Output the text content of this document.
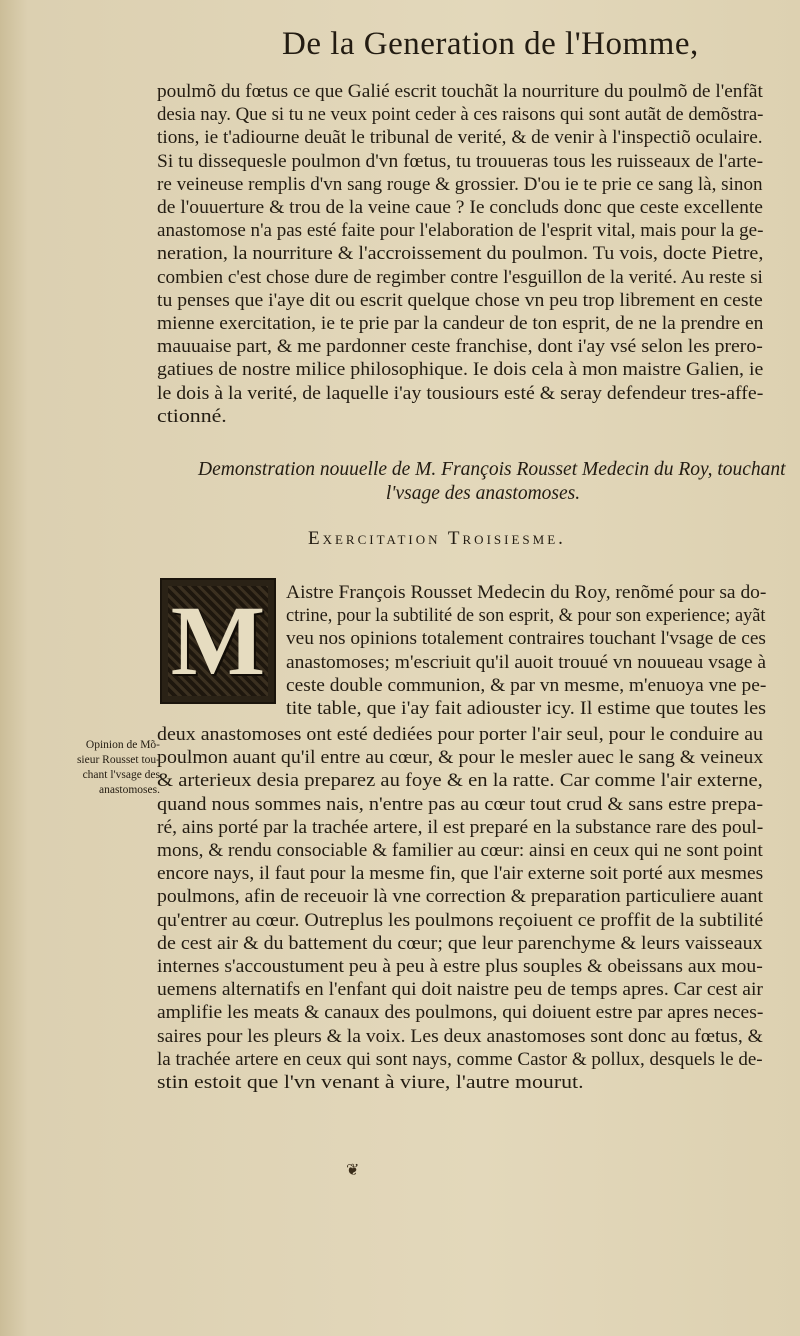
De la Generation de l'Homme,
poulmõ du fœtus ce que Galié escrit touchãt la nourriture du poulmõ de l'enfãt
desia nay. Que si tu ne veux point ceder à ces raisons qui sont autãt de demõstra-
tions, ie t'adiourne deuãt le tribunal de verité, & de venir à l'inspectiõ oculaire.
Si tu dissequesle poulmon d'vn fœtus, tu trouueras tous les ruisseaux de l'arte-
re veineuse remplis d'vn sang rouge & grossier. D'ou ie te prie ce sang là, sinon
de l'ouuerture & trou de la veine caue ? Ie concluds donc que ceste excellente
anastomose n'a pas esté faite pour l'elaboration de l'esprit vital, mais pour la ge-
neration, la nourriture & l'accroissement du poulmon. Tu vois, docte Pietre,
combien c'est chose dure de regimber contre l'esguillon de la verité. Au reste si
tu penses que i'aye dit ou escrit quelque chose vn peu trop librement en ceste
mienne exercitation, ie te prie par la candeur de ton esprit, de ne la prendre en
mauuaise part, & me pardonner ceste franchise, dont i'ay vsé selon les prero-
gatiues de nostre milice philosophique. Ie dois cela à mon maistre Galien, ie
le dois à la verité, de laquelle i'ay tousiours esté & seray defendeur tres-affe-
ctionné.
Demonstration nouuelle de M. François Rousset Medecin du Roy, touchant
l'vsage des anastomoses.
Exercitation Troisiesme.
M Aistre François Rousset Medecin du Roy, renõmé pour sa do-
ctrine, pour la subtilité de son esprit, & pour son experience; ayãt
veu nos opinions totalement contraires touchant l'vsage de ces
anastomoses; m'escriuit qu'il auoit trouué vn nouueau vsage à
ceste double communion, & par vn mesme, m'enuoya vne pe-
tite table, que i'ay fait adiouster icy. Il estime que toutes les
Opinion de Mõ-
sieur Rousset tou-
chant l'vsage des
anastomoses.
deux anastomoses ont esté dediées pour porter l'air seul, pour le conduire au
poulmon auant qu'il entre au cœur, & pour le mesler auec le sang & veineux
& arterieux desia preparez au foye & en la ratte. Car comme l'air externe,
quand nous sommes nais, n'entre pas au cœur tout crud & sans estre prepa-
ré, ains porté par la trachée artere, il est preparé en la substance rare des poul-
mons, & rendu consociable & familier au cœur: ainsi en ceux qui ne sont point
encore nays, il faut pour la mesme fin, que l'air externe soit porté aux mesmes
poulmons, afin de receuoir là vne correction & preparation particuliere auant
qu'entrer au cœur. Outreplus les poulmons reçoiuent ce proffit de la subtilité
de cest air & du battement du cœur; que leur parenchyme & leurs vaisseaux
internes s'accoustument peu à peu à estre plus souples & obeissans aux mou-
uemens alternatifs en l'enfant qui doit naistre peu de temps apres. Car cest air
amplifie les meats & canaux des poulmons, qui doiuent estre par apres neces-
saires pour les pleurs & la voix. Les deux anastomoses sont donc au fœtus, &
la trachée artere en ceux qui sont nays, comme Castor & pollux, desquels le de-
stin estoit que l'vn venant à viure, l'autre mourut.
❦
